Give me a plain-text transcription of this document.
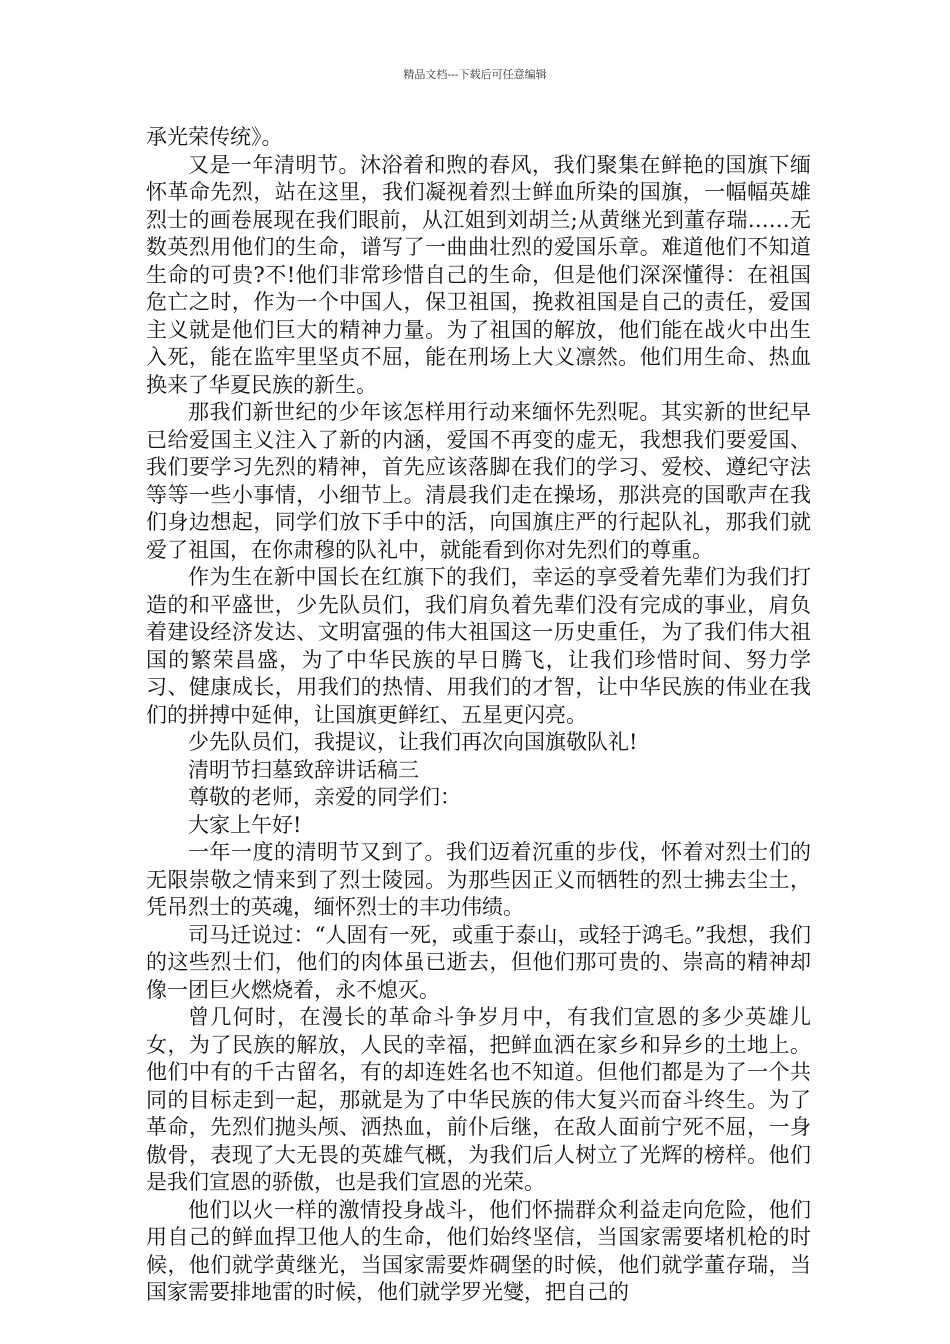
精品文档---下载后可任意编辑

承光荣传统》。

又是一年清明节。沐浴着和煦的春风，我们聚集在鲜艳的国旗下缅怀革命先烈，站在这里，我们凝视着烈士鲜血所染的国旗，一幅幅英雄烈士的画卷展现在我们眼前，从江姐到刘胡兰;从黄继光到董存瑞……无数英烈用他们的生命，谱写了一曲曲壮烈的爱国乐章。难道他们不知道生命的可贵?不!他们非常珍惜自己的生命，但是他们深深懂得：在祖国危亡之时，作为一个中国人，保卫祖国，挽救祖国是自己的责任，爱国主义就是他们巨大的精神力量。为了祖国的解放，他们能在战火中出生入死，能在监牢里坚贞不屈，能在刑场上大义凛然。他们用生命、热血换来了华夏民族的新生。

那我们新世纪的少年该怎样用行动来缅怀先烈呢。其实新的世纪早已给爱国主义注入了新的内涵，爱国不再变的虚无，我想我们要爱国、我们要学习先烈的精神，首先应该落脚在我们的学习、爱校、遵纪守法等等一些小事情，小细节上。清晨我们走在操场，那洪亮的国歌声在我们身边想起，同学们放下手中的活，向国旗庄严的行起队礼，那我们就爱了祖国，在你肃穆的队礼中，就能看到你对先烈们的尊重。

作为生在新中国长在红旗下的我们，幸运的享受着先辈们为我们打造的和平盛世，少先队员们，我们肩负着先辈们没有完成的事业，肩负着建设经济发达、文明富强的伟大祖国这一历史重任，为了我们伟大祖国的繁荣昌盛，为了中华民族的早日腾飞，让我们珍惜时间、努力学习、健康成长，用我们的热情、用我们的才智，让中华民族的伟业在我们的拼搏中延伸，让国旗更鲜红、五星更闪亮。

少先队员们，我提议，让我们再次向国旗敬队礼!

清明节扫墓致辞讲话稿三

尊敬的老师，亲爱的同学们：

大家上午好!

一年一度的清明节又到了。我们迈着沉重的步伐，怀着对烈士们的无限崇敬之情来到了烈士陵园。为那些因正义而牺牲的烈士拂去尘土，凭吊烈士的英魂，缅怀烈士的丰功伟绩。

司马迁说过：“人固有一死，或重于泰山，或轻于鸿毛。”我想，我们的这些烈士们，他们的肉体虽已逝去，但他们那可贵的、崇高的精神却像一团巨火燃烧着，永不熄灭。

曾几何时，在漫长的革命斗争岁月中，有我们宣恩的多少英雄儿女，为了民族的解放，人民的幸福，把鲜血洒在家乡和异乡的土地上。他们中有的千古留名，有的却连姓名也不知道。但他们都是为了一个共同的目标走到一起，那就是为了中华民族的伟大复兴而奋斗终生。为了革命，先烈们抛头颅、洒热血，前仆后继，在敌人面前宁死不屈，一身傲骨，表现了大无畏的英雄气概，为我们后人树立了光辉的榜样。他们是我们宣恩的骄傲，也是我们宣恩的光荣。

他们以火一样的激情投身战斗，他们怀揣群众利益走向危险，他们用自己的鲜血捍卫他人的生命，他们始终坚信，当国家需要堵机枪的时候，他们就学黄继光，当国家需要炸碉堡的时候，他们就学董存瑞，当国家需要排地雷的时候，他们就学罗光燮，把自己的
